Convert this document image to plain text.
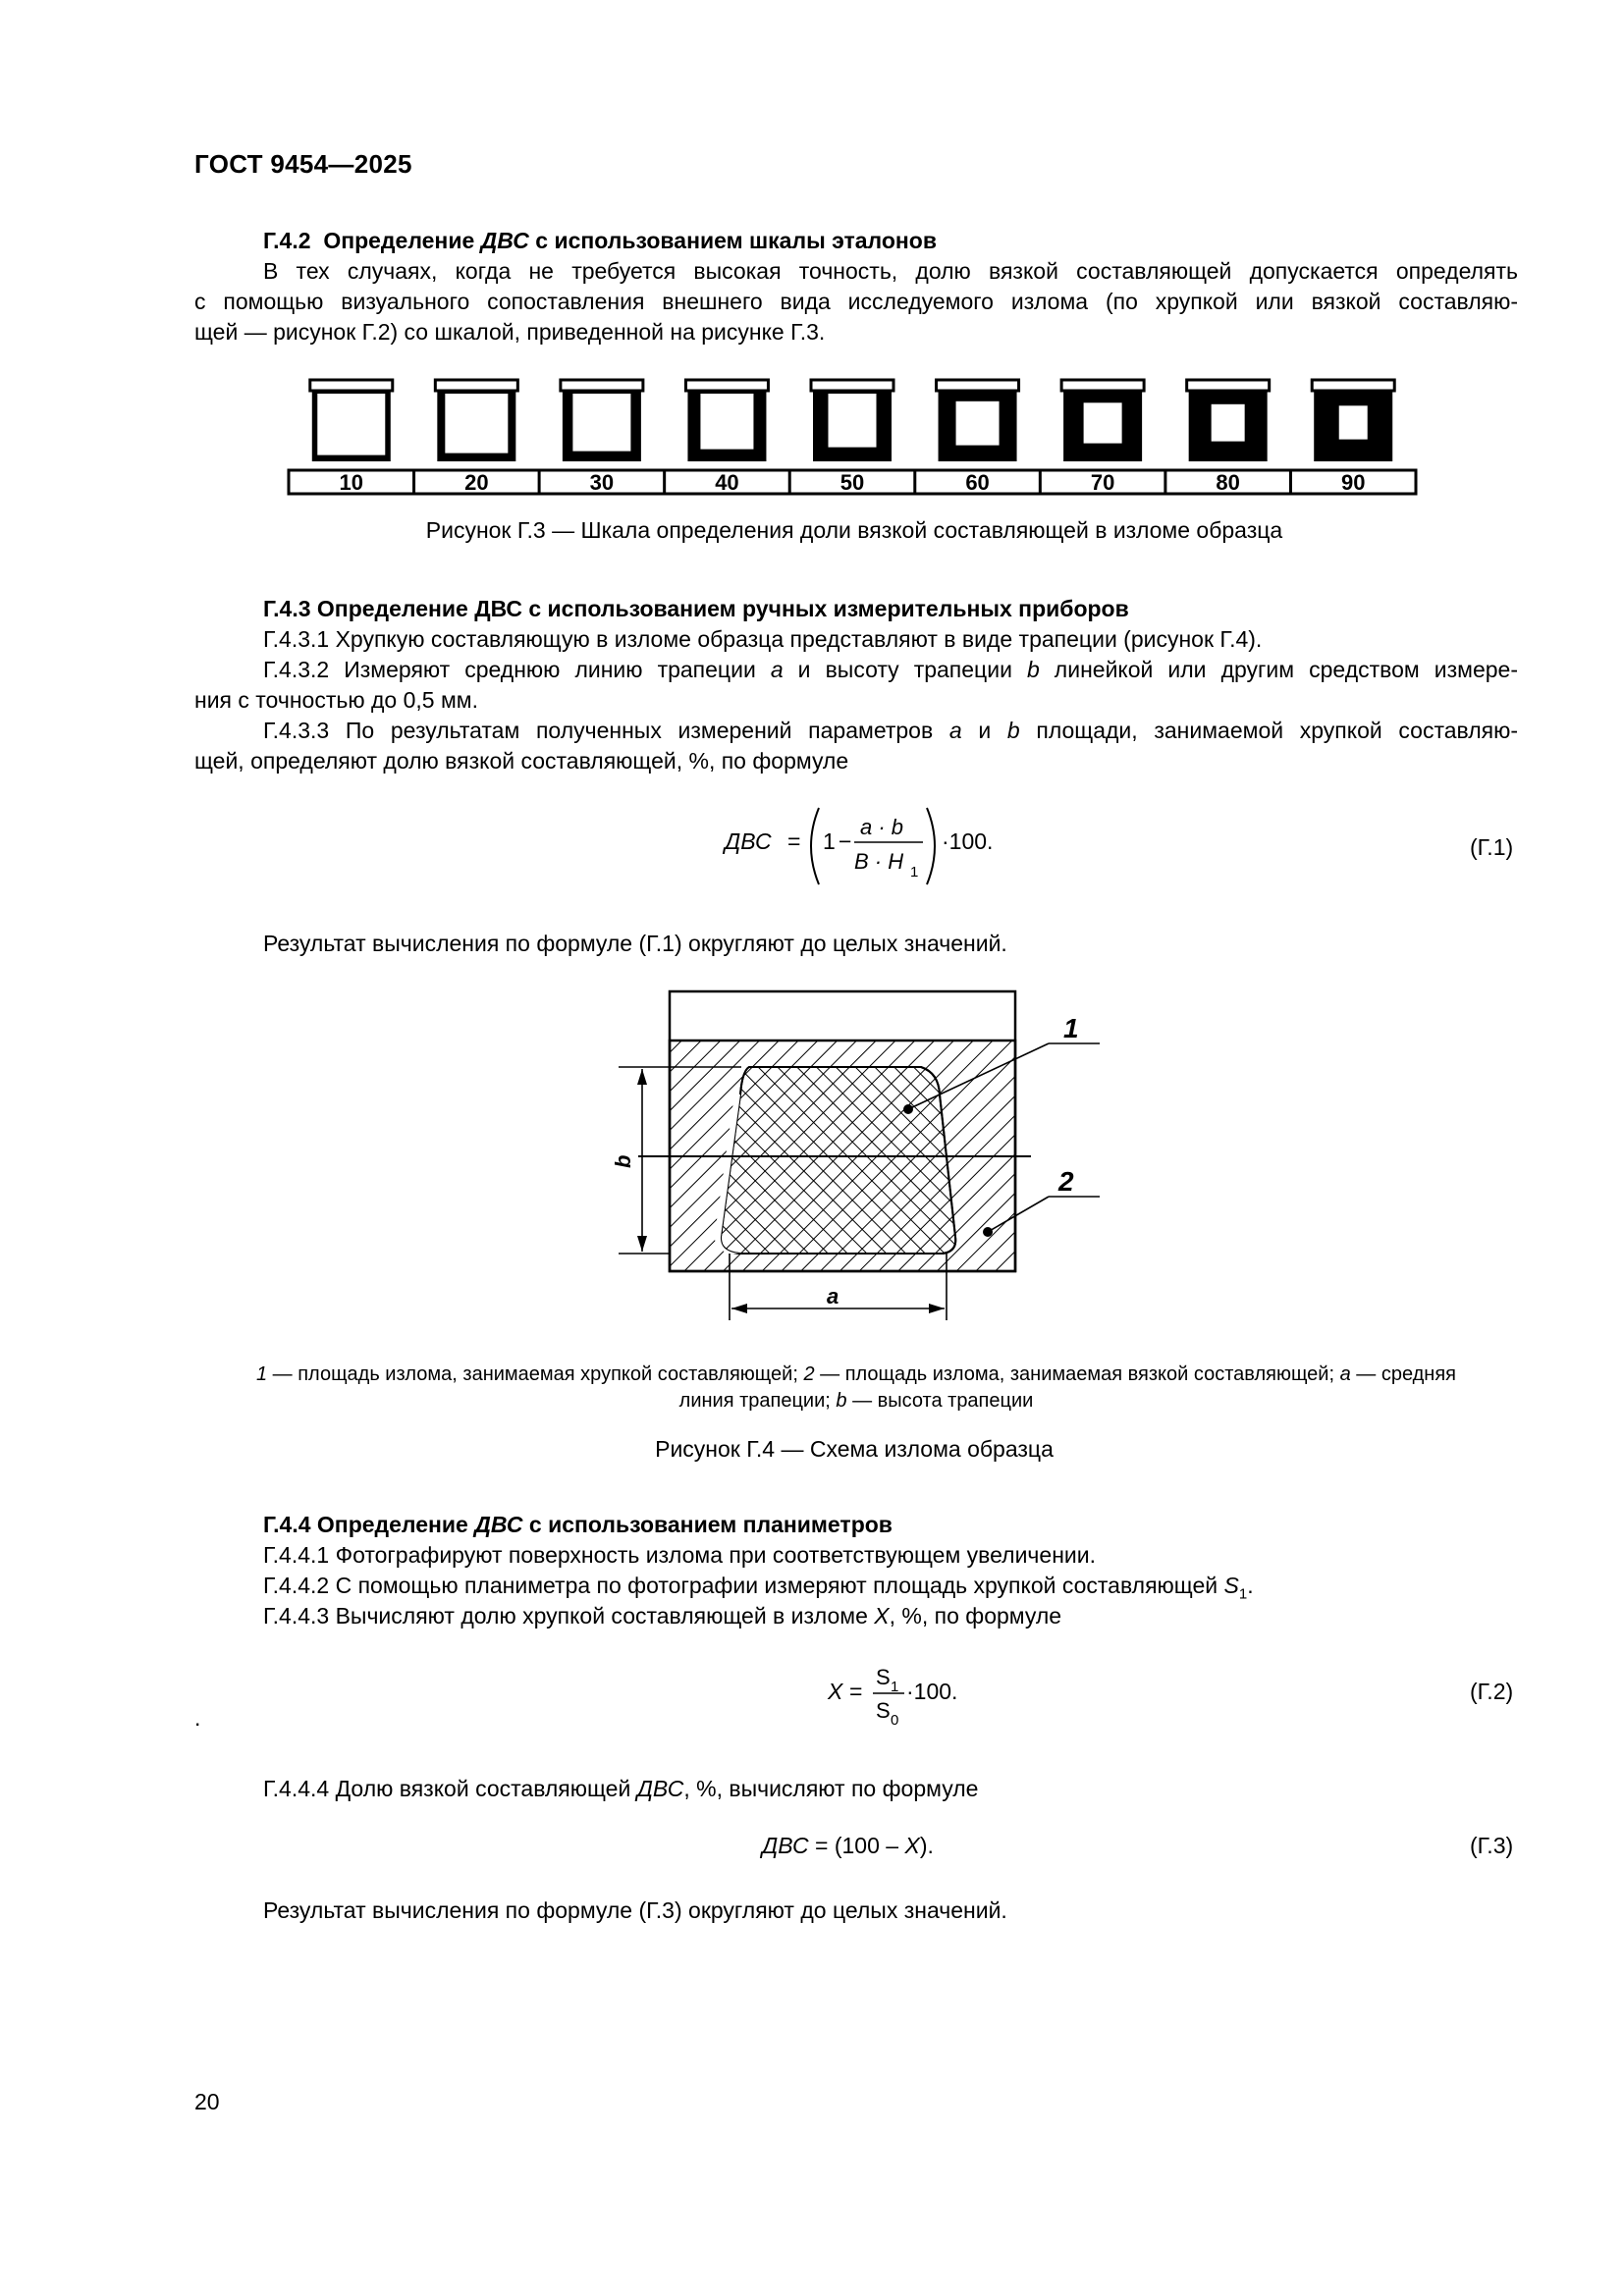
ГОСТ 9454—2025
Г.4.2 Определение ДВС с использованием шкалы эталонов
В тех случаях, когда не требуется высокая точность, долю вязкой составляющей допускается определять
с помощью визуального сопоставления внешнего вида исследуемого излома (по хрупкой или вязкой составляю-
щей — рисунок Г.2) со шкалой, приведенной на рисунке Г.3.
10	20	30	40	50	60	70	80	90
Рисунок Г.3 — Шкала определения доли вязкой составляющей в изломе образца
Г.4.3 Определение ДВС с использованием ручных измерительных приборов
Г.4.3.1 Хрупкую составляющую в изломе образца представляют в виде трапеции (рисунок Г.4).
Г.4.3.2 Измеряют среднюю линию трапеции a и высоту трапеции b линейкой или другим средством измере-
ния с точностью до 0,5 мм.
Г.4.3.3 По результатам полученных измерений параметров a и b площади, занимаемой хрупкой составляю-
щей, определяют долю вязкой составляющей, %, по формуле
ДВС = 1 −
a · b
B · H 1
·100.	(Г.1)
Результат вычисления по формуле (Г.1) округляют до целых значений.
b
a
1
2
1 — площадь излома, занимаемая хрупкой составляющей; 2 — площадь излома, занимаемая вязкой составляющей; a — средняя
линия трапеции; b — высота трапеции
Рисунок Г.4 — Схема излома образца
Г.4.4 Определение ДВС с использованием планиметров
Г.4.4.1 Фотографируют поверхность излома при соответствующем увеличении.
Г.4.4.2 С помощью планиметра по фотографии измеряют площадь хрупкой составляющей $S_1$.
Г.4.4.3 Вычисляют долю хрупкой составляющей в изломе X, %, по формуле
X =
S 1
S 0
·100.	(Г.2)
.
Г.4.4.4 Долю вязкой составляющей ДВС, %, вычисляют по формуле
ДВС = (100 – X).	(Г.3)
Результат вычисления по формуле (Г.3) округляют до целых значений.
20
